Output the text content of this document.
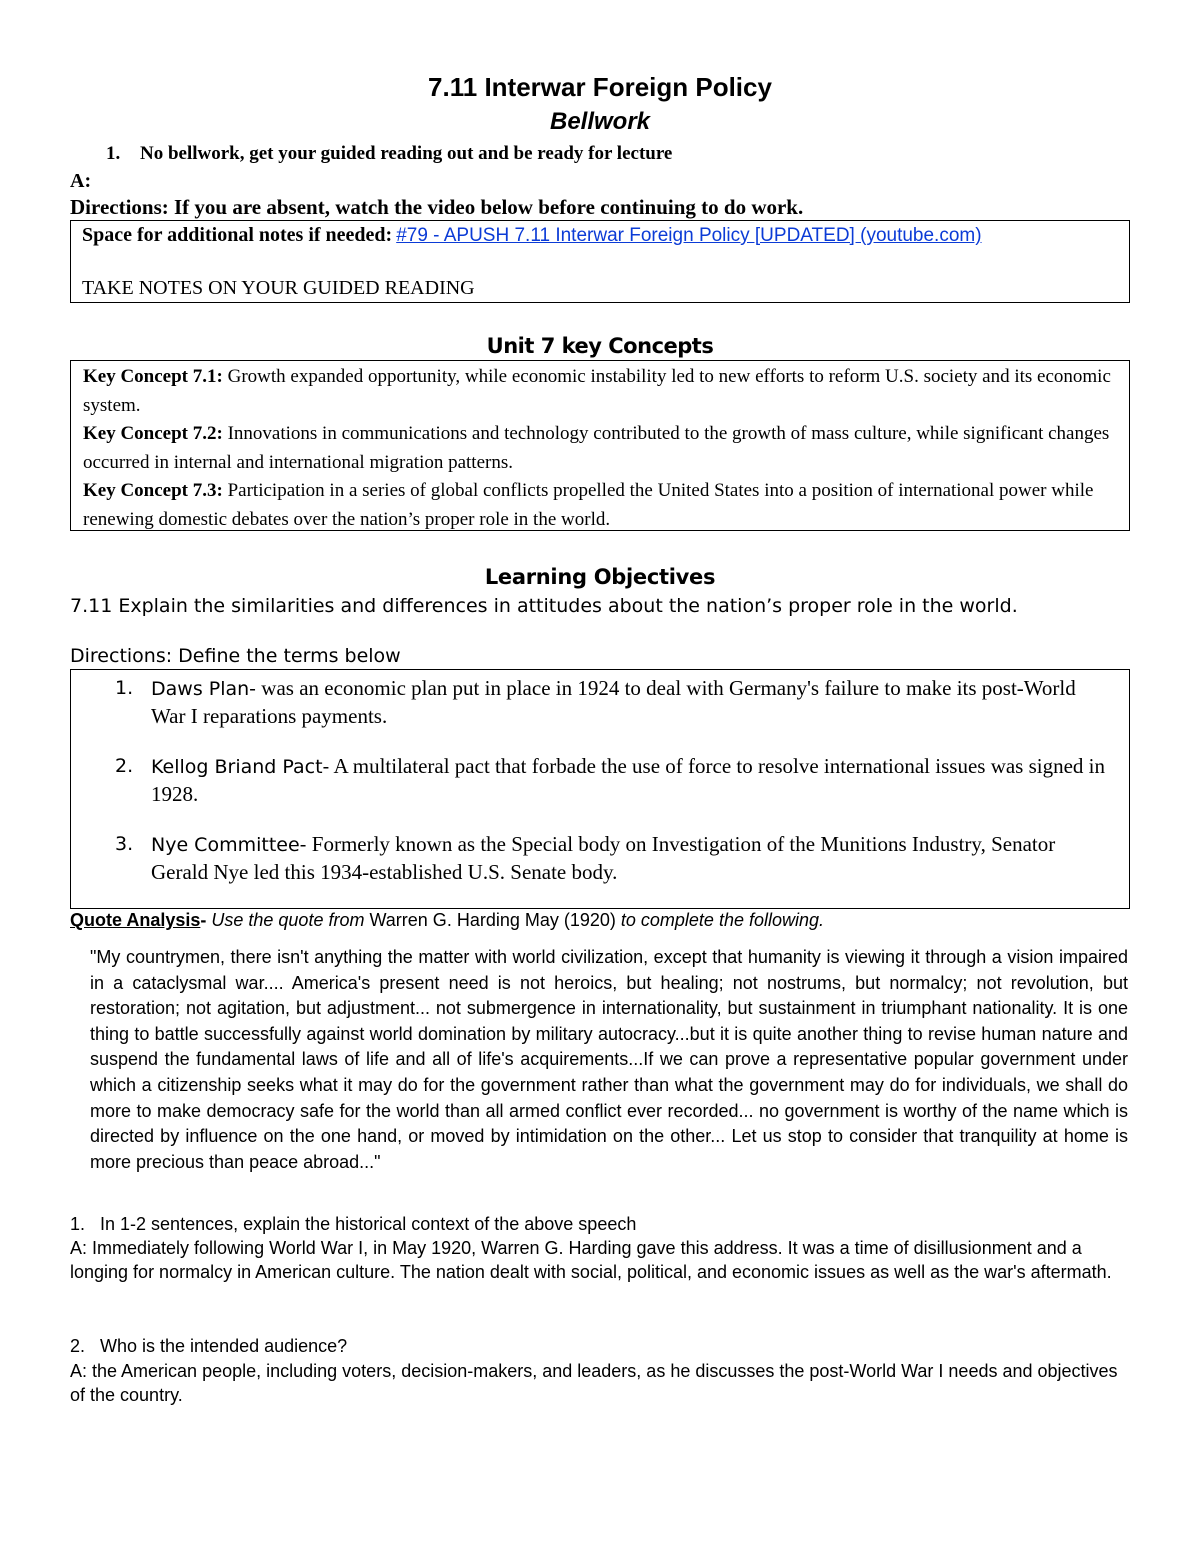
7.11 Interwar Foreign Policy
Bellwork
1. No bellwork, get your guided reading out and be ready for lecture
A:
Directions: If you are absent, watch the video below before continuing to do work.
Space for additional notes if needed: #79 - APUSH 7.11 Interwar Foreign Policy [UPDATED] (youtube.com)
TAKE NOTES ON YOUR GUIDED READING
Unit 7 key Concepts

Key Concept 7.1: Growth expanded opportunity, while economic instability led to new efforts to reform U.S. society and its economic system.

Key Concept 7.2: Innovations in communications and technology contributed to the growth of mass culture, while significant changes occurred in internal and international migration patterns.

Key Concept 7.3: Participation in a series of global conflicts propelled the United States into a position of international power while renewing domestic debates over the nation’s proper role in the world.

Learning Objectives
7.11 Explain the similarities and differences in attitudes about the nation’s proper role in the world.
Directions: Define the terms below
1. Daws Plan- was an economic plan put in place in 1924 to deal with Germany's failure to make its post-World War I reparations payments.
2. Kellog Briand Pact- A multilateral pact that forbade the use of force to resolve international issues was signed in 1928.
3. Nye Committee- Formerly known as the Special body on Investigation of the Munitions Industry, Senator Gerald Nye led this 1934-established U.S. Senate body.
Quote Analysis- Use the quote from Warren G. Harding May (1920) to complete the following.
"My countrymen, there isn't anything the matter with world civilization, except that humanity is viewing it through a vision impaired in a cataclysmal war.... America's present need is not heroics, but healing; not nostrums, but normalcy; not revolution, but restoration; not agitation, but adjustment... not submergence in internationality, but sustainment in triumphant nationality. It is one thing to battle successfully against world domination by military autocracy...but it is quite another thing to revise human nature and suspend the fundamental laws of life and all of life's acquirements...If we can prove a representative popular government under which a citizenship seeks what it may do for the government rather than what the government may do for individuals, we shall do more to make democracy safe for the world than all armed conflict ever recorded... no government is worthy of the name which is directed by influence on the one hand, or moved by intimidation on the other... Let us stop to consider that tranquility at home is more precious than peace abroad..."
1. In 1-2 sentences, explain the historical context of the above speech
A: Immediately following World War I, in May 1920, Warren G. Harding gave this address. It was a time of disillusionment and a longing for normalcy in American culture. The nation dealt with social, political, and economic issues as well as the war's aftermath.
2. Who is the intended audience?
A: the American people, including voters, decision-makers, and leaders, as he discusses the post-World War I needs and objectives of the country.
